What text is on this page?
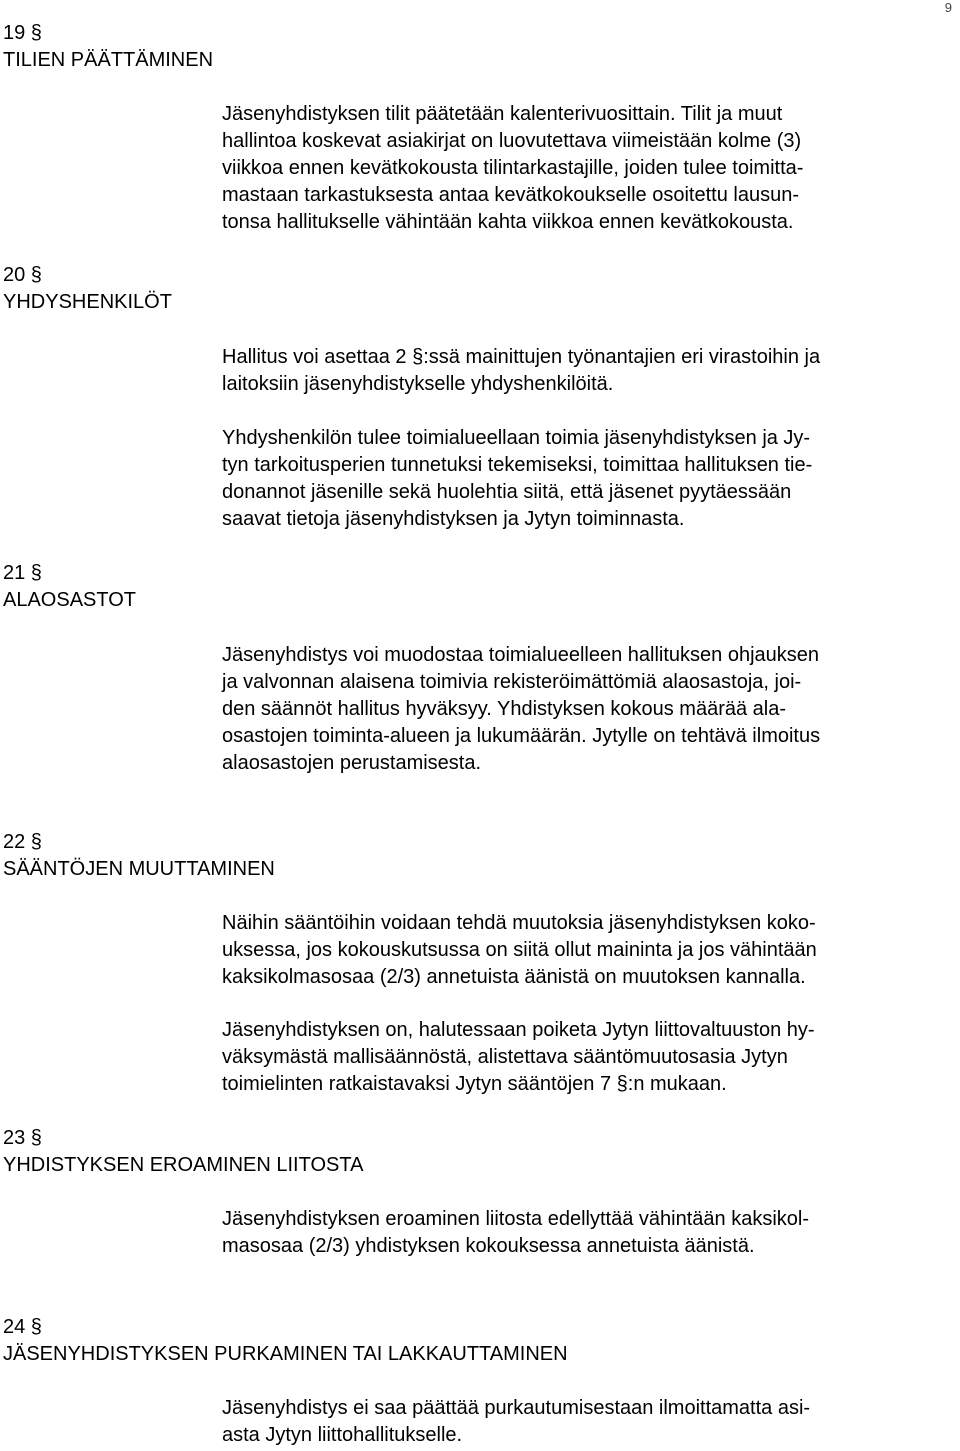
9
19 §
TILIEN PÄÄTTÄMINEN

Jäsenyhdistyksen tilit päätetään kalenterivuosittain. Tilit ja muut
hallintoa koskevat asiakirjat on luovutettava viimeistään kolme (3)
viikkoa ennen kevätkokousta tilintarkastajille, joiden tulee toimitta-
mastaan tarkastuksesta antaa kevätkokoukselle osoitettu lausun-
tonsa hallitukselle vähintään kahta viikkoa ennen kevätkokousta.

20 §
YHDYSHENKILÖT

Hallitus voi asettaa 2 §:ssä mainittujen työnantajien eri virastoihin ja
laitoksiin jäsenyhdistykselle yhdyshenkilöitä.

Yhdyshenkilön tulee toimialueellaan toimia jäsenyhdistyksen ja Jy-
tyn tarkoitusperien tunnetuksi tekemiseksi, toimittaa hallituksen tie-
donannot jäsenille sekä huolehtia siitä, että jäsenet pyytäessään
saavat tietoja jäsenyhdistyksen ja Jytyn toiminnasta.

21 §
ALAOSASTOT

Jäsenyhdistys voi muodostaa toimialueelleen hallituksen ohjauksen
ja valvonnan alaisena toimivia rekisteröimättömiä alaosastoja, joi-
den säännöt hallitus hyväksyy. Yhdistyksen kokous määrää ala-
osastojen toiminta-alueen ja lukumäärän. Jytylle on tehtävä ilmoitus
alaosastojen perustamisesta.

22 §
SÄÄNTÖJEN MUUTTAMINEN

Näihin sääntöihin voidaan tehdä muutoksia jäsenyhdistyksen koko-
uksessa, jos kokouskutsussa on siitä ollut maininta ja jos vähintään
kaksikolmasosaa (2/3) annetuista äänistä on muutoksen kannalla.

Jäsenyhdistyksen on, halutessaan poiketa Jytyn liittovaltuuston hy-
väksymästä mallisäännöstä, alistettava sääntömuutosasia Jytyn
toimielinten ratkaistavaksi Jytyn sääntöjen 7 §:n mukaan.

23 §
YHDISTYKSEN EROAMINEN LIITOSTA

Jäsenyhdistyksen eroaminen liitosta edellyttää vähintään kaksikol-
masosaa (2/3) yhdistyksen kokouksessa annetuista äänistä.

24 §
JÄSENYHDISTYKSEN PURKAMINEN TAI LAKKAUTTAMINEN

Jäsenyhdistys ei saa päättää purkautumisestaan ilmoittamatta asi-
asta Jytyn liittohallitukselle.
